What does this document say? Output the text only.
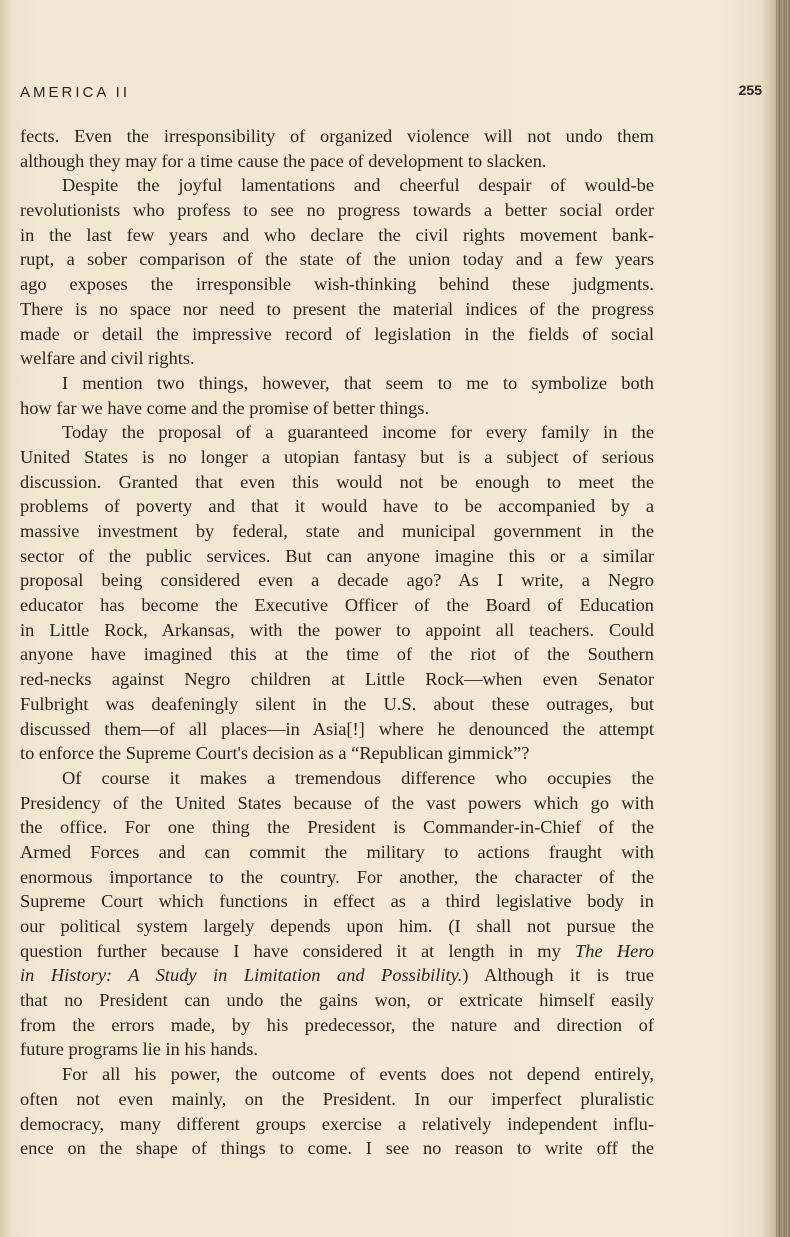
AMERICA II	255

fects. Even the irresponsibility of organized violence will not undo them
although they may for a time cause the pace of development to slacken.

Despite the joyful lamentations and cheerful despair of would-be
revolutionists who profess to see no progress towards a better social order
in the last few years and who declare the civil rights movement bank-
rupt, a sober comparison of the state of the union today and a few years
ago exposes the irresponsible wish-thinking behind these judgments.
There is no space nor need to present the material indices of the progress
made or detail the impressive record of legislation in the fields of social
welfare and civil rights.

I mention two things, however, that seem to me to symbolize both
how far we have come and the promise of better things.

Today the proposal of a guaranteed income for every family in the
United States is no longer a utopian fantasy but is a subject of serious
discussion. Granted that even this would not be enough to meet the
problems of poverty and that it would have to be accompanied by a
massive investment by federal, state and municipal government in the
sector of the public services. But can anyone imagine this or a similar
proposal being considered even a decade ago? As I write, a Negro
educator has become the Executive Officer of the Board of Education
in Little Rock, Arkansas, with the power to appoint all teachers. Could
anyone have imagined this at the time of the riot of the Southern
red-necks against Negro children at Little Rock—when even Senator
Fulbright was deafeningly silent in the U.S. about these outrages, but
discussed them—of all places—in Asia[!] where he denounced the attempt
to enforce the Supreme Court's decision as a “Republican gimmick”?

Of course it makes a tremendous difference who occupies the
Presidency of the United States because of the vast powers which go with
the office. For one thing the President is Commander-in-Chief of the
Armed Forces and can commit the military to actions fraught with
enormous importance to the country. For another, the character of the
Supreme Court which functions in effect as a third legislative body in
our political system largely depends upon him. (I shall not pursue the
question further because I have considered it at length in my The Hero
in History: A Study in Limitation and Possibility.) Although it is true
that no President can undo the gains won, or extricate himself easily
from the errors made, by his predecessor, the nature and direction of
future programs lie in his hands.

For all his power, the outcome of events does not depend entirely,
often not even mainly, on the President. In our imperfect pluralistic
democracy, many different groups exercise a relatively independent influ-
ence on the shape of things to come. I see no reason to write off the
